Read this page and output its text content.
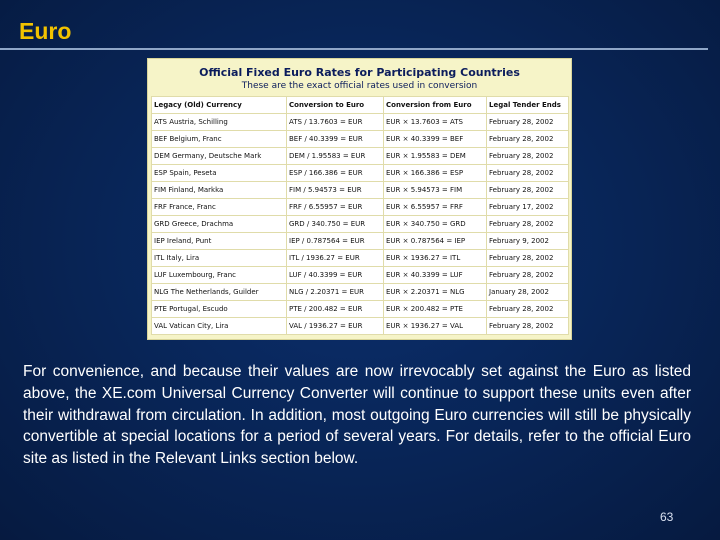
Euro
Official Fixed Euro Rates for Participating Countries
These are the exact official rates used in conversion
Legacy (Old) Currency	Conversion to Euro	Conversion from Euro	Legal Tender Ends
ATS Austria, Schilling	ATS / 13.7603 = EUR	EUR × 13.7603 = ATS	February 28, 2002
BEF Belgium, Franc	BEF / 40.3399 = EUR	EUR × 40.3399 = BEF	February 28, 2002
DEM Germany, Deutsche Mark	DEM / 1.95583 = EUR	EUR × 1.95583 = DEM	February 28, 2002
ESP Spain, Peseta	ESP / 166.386 = EUR	EUR × 166.386 = ESP	February 28, 2002
FIM Finland, Markka	FIM / 5.94573 = EUR	EUR × 5.94573 = FIM	February 28, 2002
FRF France, Franc	FRF / 6.55957 = EUR	EUR × 6.55957 = FRF	February 17, 2002
GRD Greece, Drachma	GRD / 340.750 = EUR	EUR × 340.750 = GRD	February 28, 2002
IEP Ireland, Punt	IEP / 0.787564 = EUR	EUR × 0.787564 = IEP	February 9, 2002
ITL Italy, Lira	ITL / 1936.27 = EUR	EUR × 1936.27 = ITL	February 28, 2002
LUF Luxembourg, Franc	LUF / 40.3399 = EUR	EUR × 40.3399 = LUF	February 28, 2002
NLG The Netherlands, Guilder	NLG / 2.20371 = EUR	EUR × 2.20371 = NLG	January 28, 2002
PTE Portugal, Escudo	PTE / 200.482 = EUR	EUR × 200.482 = PTE	February 28, 2002
VAL Vatican City, Lira	VAL / 1936.27 = EUR	EUR × 1936.27 = VAL	February 28, 2002
For convenience, and because their values are now irrevocably set against the Euro as listed above, the XE.com Universal Currency Converter will continue to support these units even after their withdrawal from circulation. In addition, most outgoing Euro currencies will still be physically convertible at special locations for a period of several years. For details, refer to the official Euro site as listed in the Relevant Links section below.
63
